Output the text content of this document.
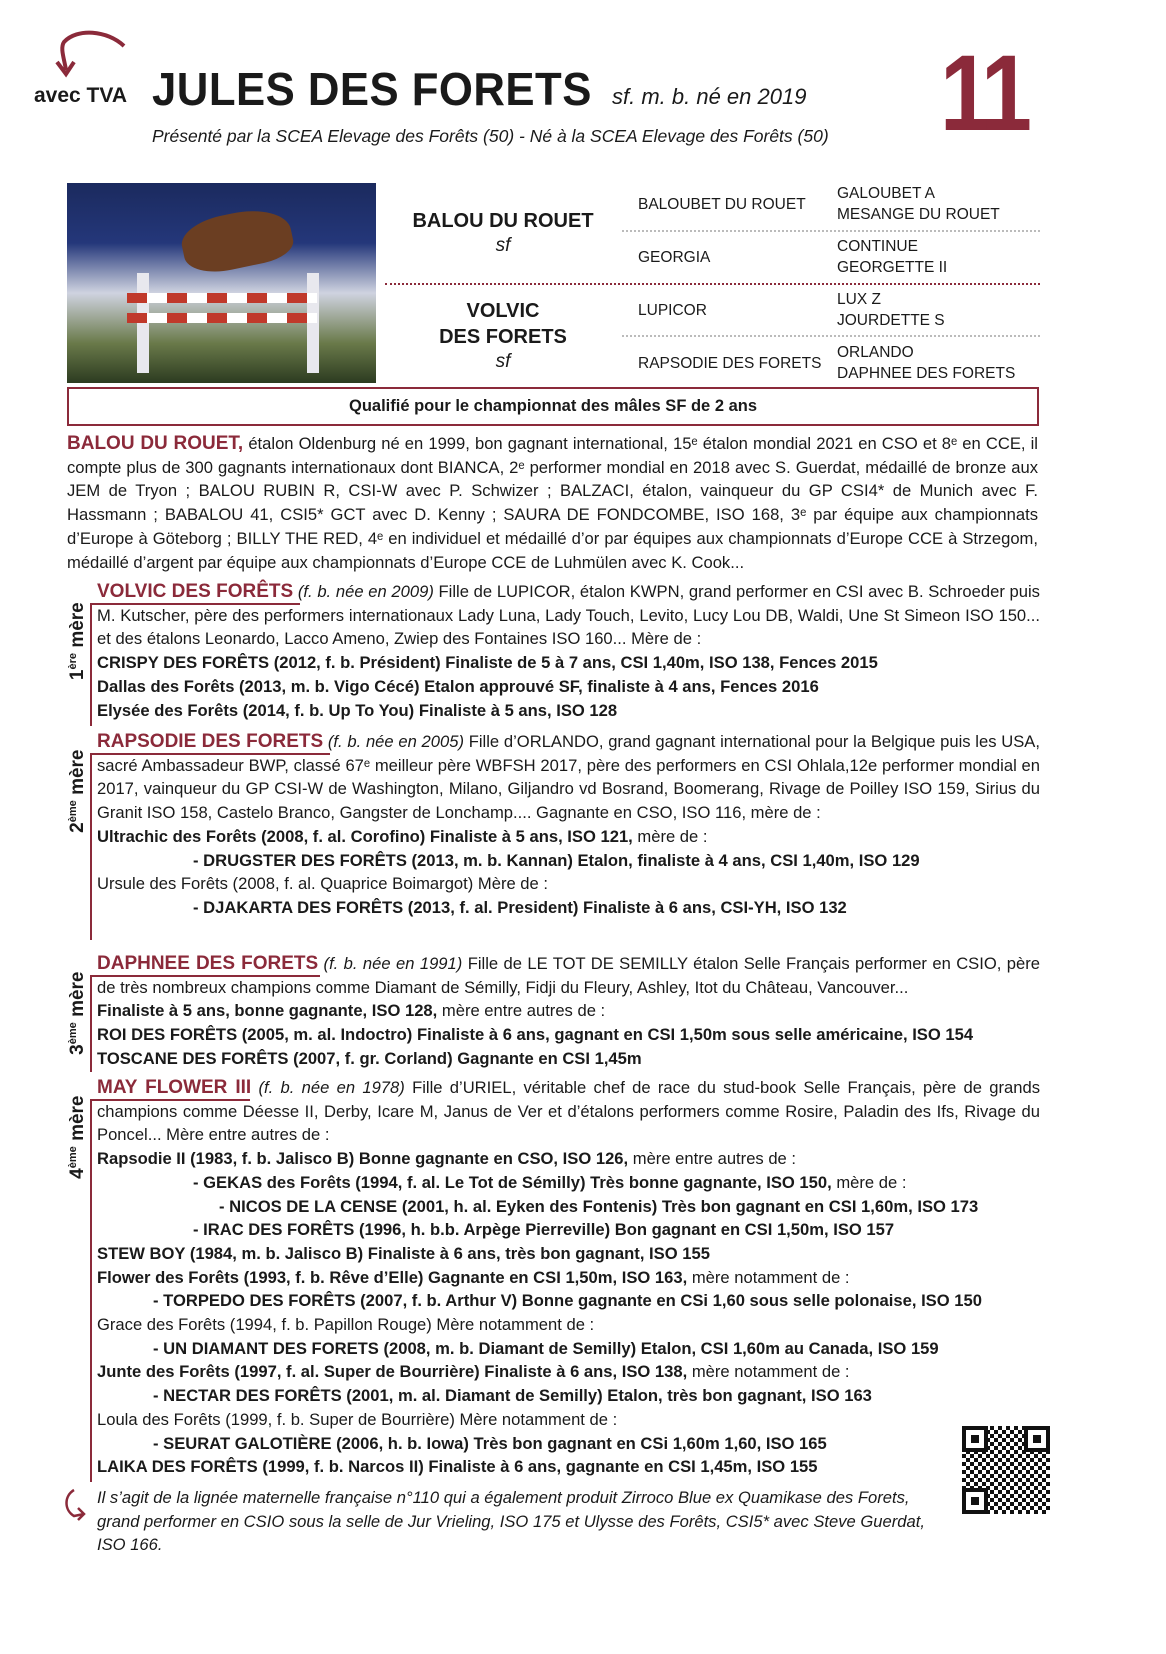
avec TVA JULES DES FORETS sf. m. b. né en 2019 11
Présenté par la SCEA Elevage des Forêts (50) - Né à la SCEA Elevage des Forêts (50)
BALOU DU ROUET
sf
VOLVIC
DES FORETS
sf
BALOUBET DU ROUET
GEORGIA
LUPICOR
RAPSODIE DES FORETS
GALOUBET A
MESANGE DU ROUET
CONTINUE
GEORGETTE II
LUX Z
JOURDETTE S
ORLANDO
DAPHNEE DES FORETS
Qualifié pour le championnat des mâles SF de 2 ans
BALOU DU ROUET, étalon Oldenburg né en 1999, bon gagnant international, 15ᵉ étalon mondial 2021 en CSO et 8ᵉ en CCE, il compte plus de 300 gagnants internationaux dont BIANCA, 2ᵉ performer mondial en 2018 avec S. Guerdat, médaillé de bronze aux JEM de Tryon ; BALOU RUBIN R, CSI-W avec P. Schwizer ; BALZACI, étalon, vainqueur du GP CSI4* de Munich avec F. Hassmann ; BABALOU 41, CSI5* GCT avec D. Kenny ; SAURA DE FONDCOMBE, ISO 168, 3ᵉ par équipe aux championnats d’Europe à Göteborg ; BILLY THE RED, 4ᵉ en individuel et médaillé d’or par équipes aux championnats d’Europe CCE à Strzegom, médaillé d’argent par équipe aux championnats d’Europe CCE de Luhmülen avec K. Cook...
1ère mère
VOLVIC DES FORÊTS (f. b. née en 2009) Fille de LUPICOR, étalon KWPN, grand performer en CSI avec B. Schroeder puis M. Kutscher, père des performers internationaux Lady Luna, Lady Touch, Levito, Lucy Lou DB, Waldi, Une St Simeon ISO 150... et des étalons Leonardo, Lacco Ameno, Zwiep des Fontaines ISO 160... Mère de :
CRISPY DES FORÊTS (2012, f. b. Président) Finaliste de 5 à 7 ans, CSI 1,40m, ISO 138, Fences 2015
Dallas des Forêts (2013, m. b. Vigo Cécé) Etalon approuvé SF, finaliste à 4 ans, Fences 2016
Elysée des Forêts (2014, f. b. Up To You) Finaliste à 5 ans, ISO 128
2ème mère
RAPSODIE DES FORETS (f. b. née en 2005) Fille d’ORLANDO, grand gagnant international pour la Belgique puis les USA, sacré Ambassadeur BWP, classé 67ᵉ meilleur père WBFSH 2017, père des performers en CSI Ohlala,12e performer mondial en 2017, vainqueur du GP CSI-W de Washington, Milano, Giljandro vd Bosrand, Boomerang, Rivage de Poilley ISO 159, Sirius du Granit ISO 158, Castelo Branco, Gangster de Lonchamp.... Gagnante en CSO, ISO 116, mère de :
Ultrachic des Forêts (2008, f. al. Corofino) Finaliste à 5 ans, ISO 121, mère de :
- DRUGSTER DES FORÊTS (2013, m. b. Kannan) Etalon, finaliste à 4 ans, CSI 1,40m, ISO 129
Ursule des Forêts (2008, f. al. Quaprice Boimargot) Mère de :
- DJAKARTA DES FORÊTS (2013, f. al. President) Finaliste à 6 ans, CSI-YH, ISO 132
3ème mère
DAPHNEE DES FORETS (f. b. née en 1991) Fille de LE TOT DE SEMILLY étalon Selle Français performer en CSIO, père de très nombreux champions comme Diamant de Sémilly, Fidji du Fleury, Ashley, Itot du Château, Vancouver...
Finaliste à 5 ans, bonne gagnante, ISO 128, mère entre autres de :
ROI DES FORÊTS (2005, m. al. Indoctro) Finaliste à 6 ans, gagnant en CSI 1,50m sous selle américaine, ISO 154
TOSCANE DES FORÊTS (2007, f. gr. Corland) Gagnante en CSI 1,45m
4ème mère
MAY FLOWER III (f. b. née en 1978) Fille d’URIEL, véritable chef de race du stud-book Selle Français, père de grands champions comme Déesse II, Derby, Icare M, Janus de Ver et d’étalons performers comme Rosire, Paladin des Ifs, Rivage du Poncel... Mère entre autres de :
Rapsodie II (1983, f. b. Jalisco B) Bonne gagnante en CSO, ISO 126, mère entre autres de :
- GEKAS des Forêts (1994, f. al. Le Tot de Sémilly) Très bonne gagnante, ISO 150, mère de :
- NICOS DE LA CENSE (2001, h. al. Eyken des Fontenis) Très bon gagnant en CSI 1,60m, ISO 173
- IRAC DES FORÊTS (1996, h. b.b. Arpège Pierreville) Bon gagnant en CSI 1,50m, ISO 157
STEW BOY (1984, m. b. Jalisco B) Finaliste à 6 ans, très bon gagnant, ISO 155
Flower des Forêts (1993, f. b. Rêve d’Elle) Gagnante en CSI 1,50m, ISO 163, mère notamment de :
- TORPEDO DES FORÊTS (2007, f. b. Arthur V) Bonne gagnante en CSi 1,60 sous selle polonaise, ISO 150
Grace des Forêts (1994, f. b. Papillon Rouge) Mère notamment de :
- UN DIAMANT DES FORETS (2008, m. b. Diamant de Semilly) Etalon, CSI 1,60m au Canada, ISO 159
Junte des Forêts (1997, f. al. Super de Bourrière) Finaliste à 6 ans, ISO 138, mère notamment de :
- NECTAR DES FORÊTS (2001, m. al. Diamant de Semilly) Etalon, très bon gagnant, ISO 163
Loula des Forêts (1999, f. b. Super de Bourrière) Mère notamment de :
- SEURAT GALOTIÈRE (2006, h. b. Iowa) Très bon gagnant en CSi 1,60m 1,60, ISO 165
LAIKA DES FORÊTS (1999, f. b. Narcos II) Finaliste à 6 ans, gagnante en CSI 1,45m, ISO 155
Il s’agit de la lignée maternelle française n°110 qui a également produit Zirroco Blue ex Quamikase des Forets, grand performer en CSIO sous la selle de Jur Vrieling, ISO 175 et Ulysse des Forêts, CSI5* avec Steve Guerdat, ISO 166.
